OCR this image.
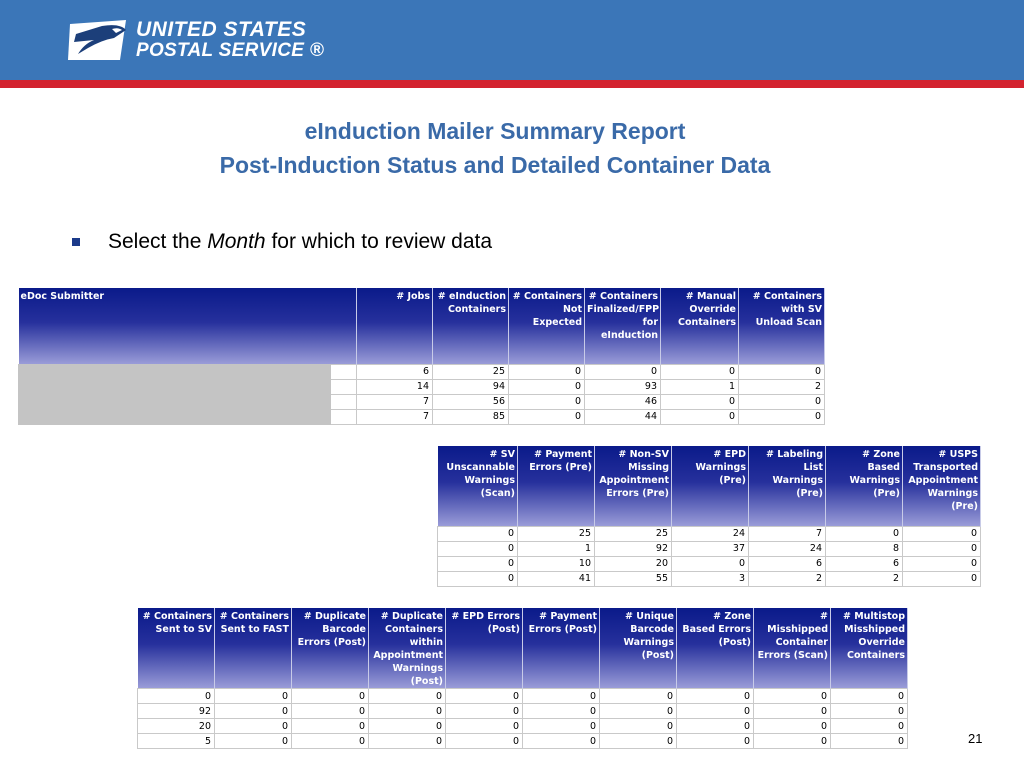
UNITED STATES
POSTAL SERVICE ®
eInduction Mailer Summary Report
Post-Induction Status and Detailed Container Data
Select the Month for which to review data
eDoc Submitter		# Jobs	# eInduction Containers	# Containers Not Expected	# Containers Finalized/FPP for eInduction	# Manual Override Containers	# Containers with SV Unload Scan
		6	25	0	0	0	0
		14	94	0	93	1	2
		7	56	0	46	0	0
		7	85	0	44	0	0
# SV Unscannable Warnings (Scan)	# Payment Errors (Pre)	# Non-SV Missing Appointment Errors (Pre)	# EPD Warnings (Pre)	# Labeling List Warnings (Pre)	# Zone Based Warnings (Pre)	# USPS Transported Appointment Warnings (Pre)
0	25	25	24	7	0	0
0	1	92	37	24	8	0
0	10	20	0	6	6	0
0	41	55	3	2	2	0
# Containers Sent to SV	# Containers Sent to FAST	# Duplicate Barcode Errors (Post)	# Duplicate Containers within Appointment Warnings (Post)	# EPD Errors (Post)	# Payment Errors (Post)	# Unique Barcode Warnings (Post)	# Zone Based Errors (Post)	# Misshipped Container Errors (Scan)	# Multistop Misshipped Override Containers
0	0	0	0	0	0	0	0	0	0
92	0	0	0	0	0	0	0	0	0
20	0	0	0	0	0	0	0	0	0
5	0	0	0	0	0	0	0	0	0	21
